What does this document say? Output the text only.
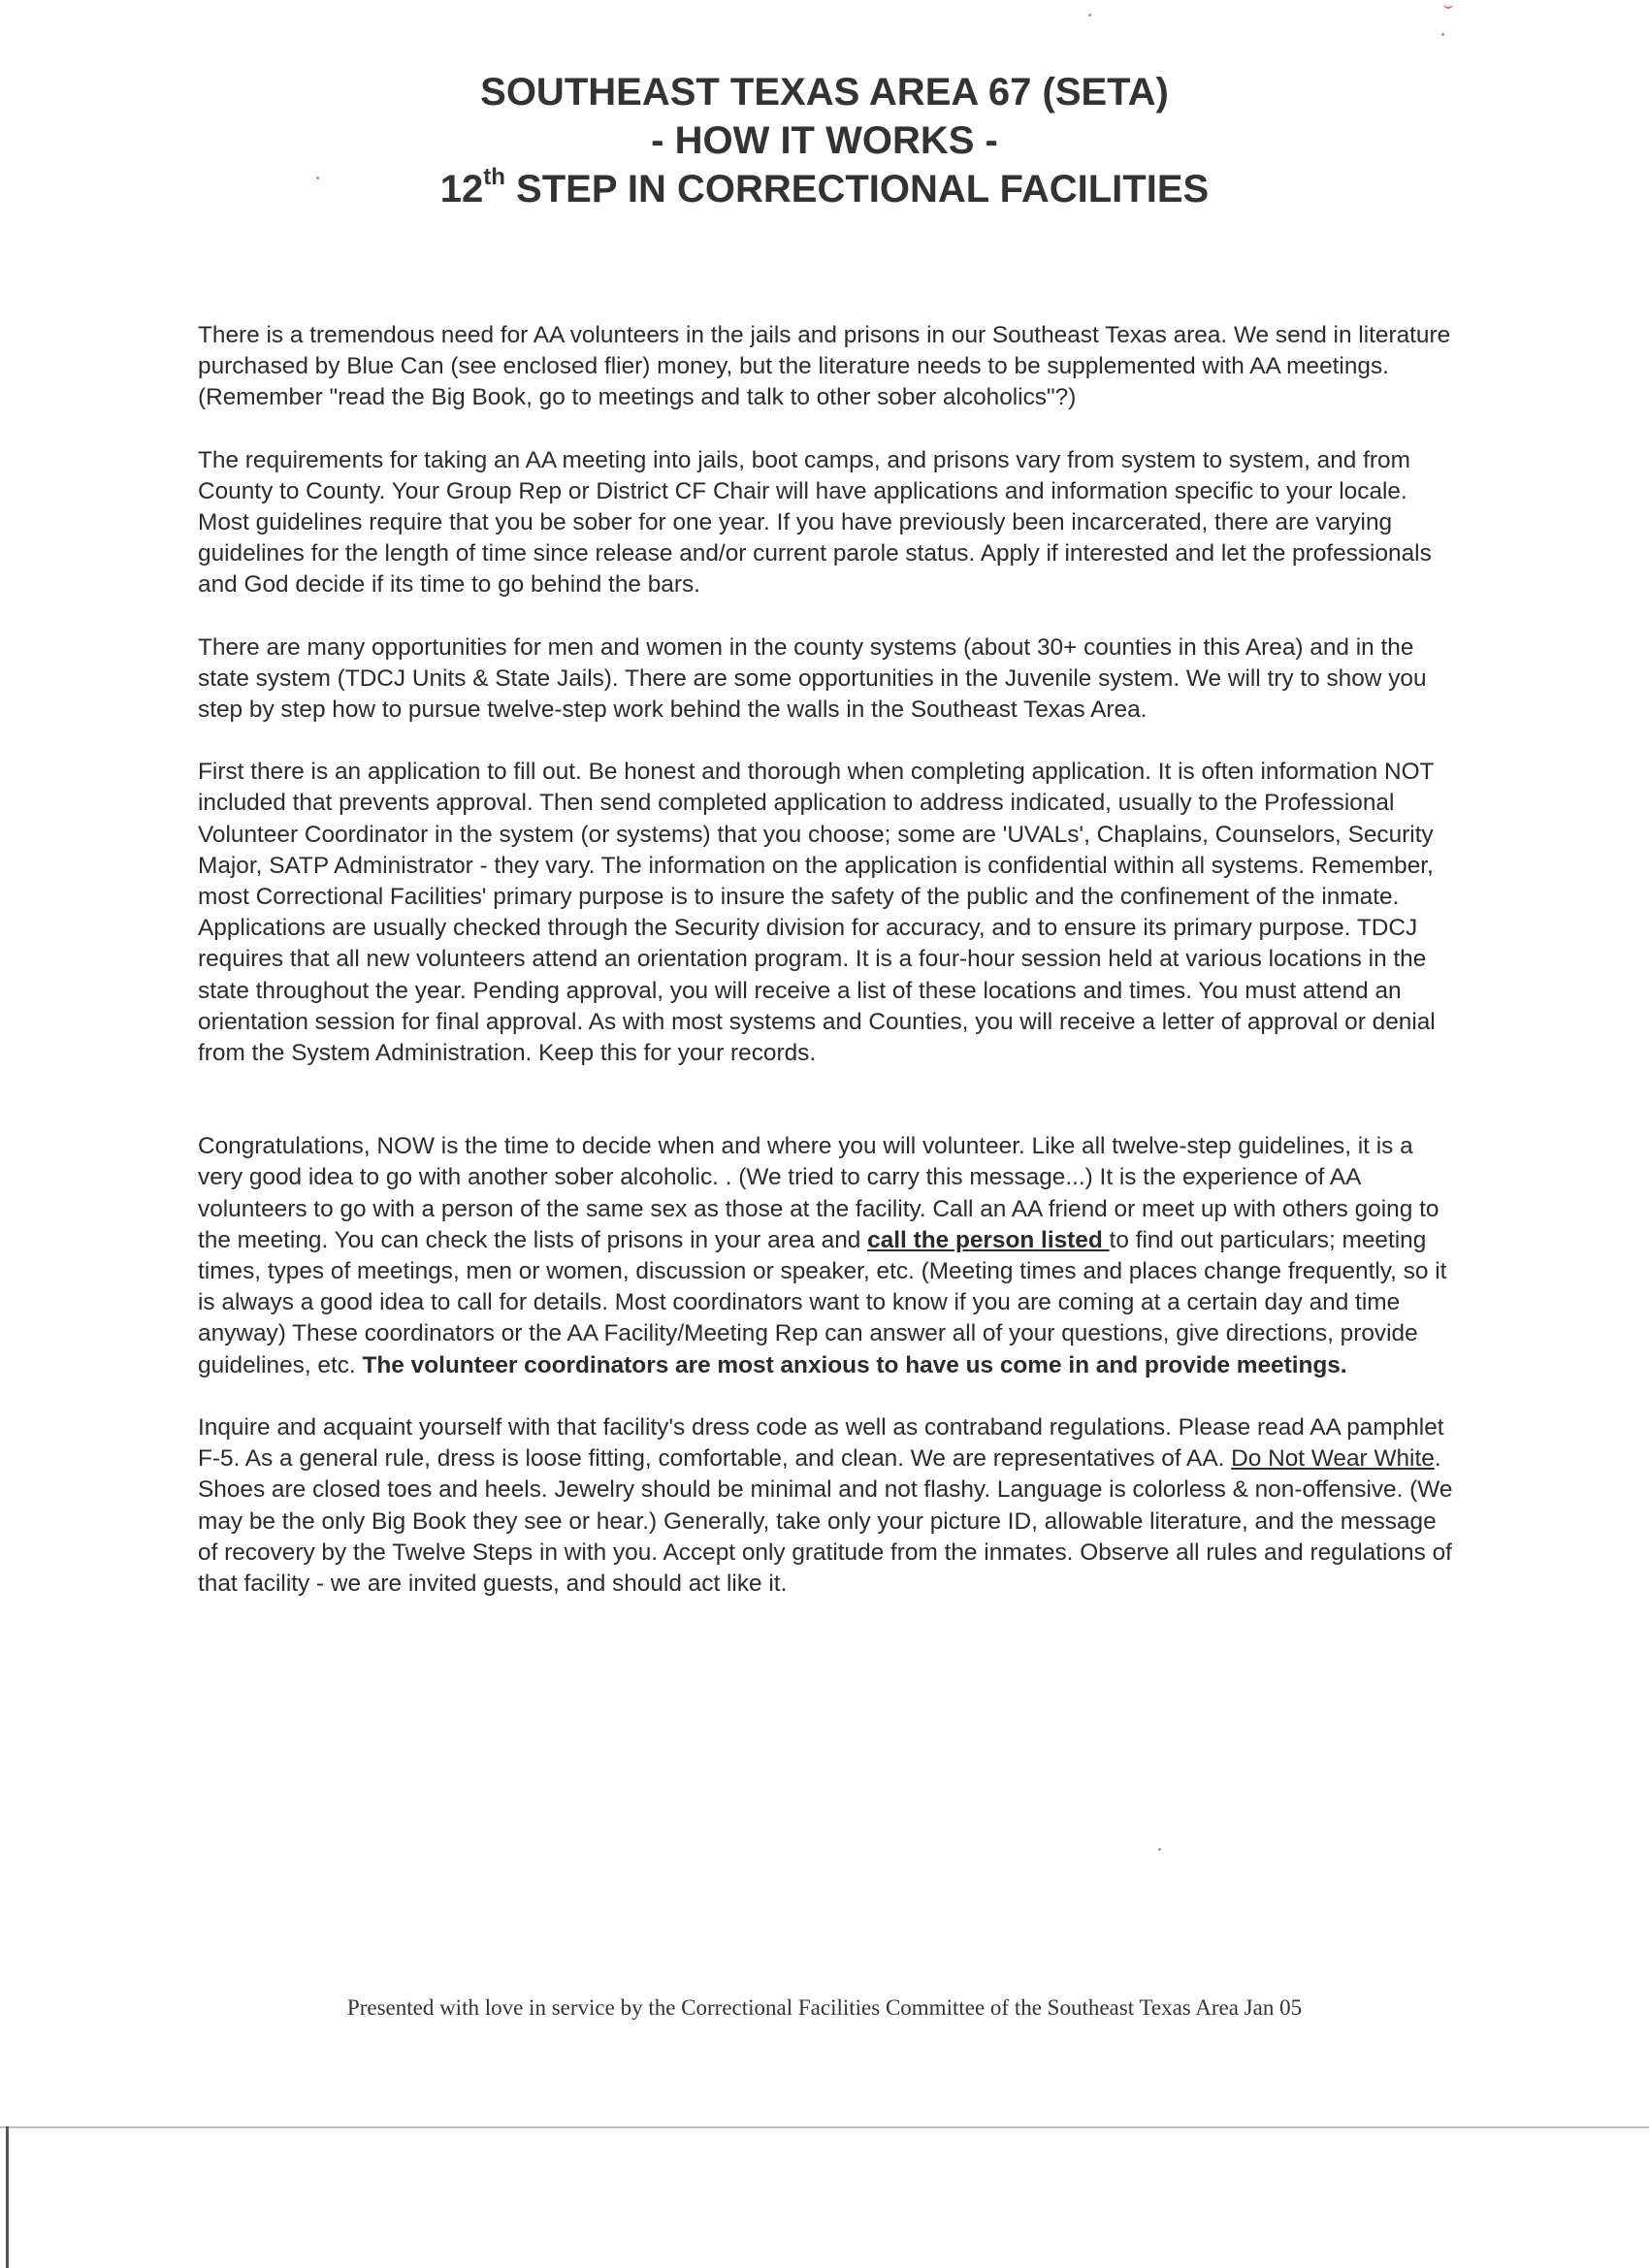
SOUTHEAST TEXAS AREA 67 (SETA)
- HOW IT WORKS -
12th STEP IN CORRECTIONAL FACILITIES

There is a tremendous need for AA volunteers in the jails and prisons in our Southeast Texas area. We send in literature purchased by Blue Can (see enclosed flier) money, but the literature needs to be supplemented with AA meetings. (Remember "read the Big Book, go to meetings and talk to other sober alcoholics"?)

The requirements for taking an AA meeting into jails, boot camps, and prisons vary from system to system, and from County to County. Your Group Rep or District CF Chair will have applications and information specific to your locale. Most guidelines require that you be sober for one year. If you have previously been incarcerated, there are varying guidelines for the length of time since release and/or current parole status. Apply if interested and let the professionals and God decide if its time to go behind the bars.

There are many opportunities for men and women in the county systems (about 30+ counties in this Area) and in the state system (TDCJ Units & State Jails). There are some opportunities in the Juvenile system. We will try to show you step by step how to pursue twelve-step work behind the walls in the Southeast Texas Area.

First there is an application to fill out. Be honest and thorough when completing application. It is often information NOT included that prevents approval. Then send completed application to address indicated, usually to the Professional Volunteer Coordinator in the system (or systems) that you choose; some are 'UVALs', Chaplains, Counselors, Security Major, SATP Administrator - they vary. The information on the application is confidential within all systems. Remember, most Correctional Facilities' primary purpose is to insure the safety of the public and the confinement of the inmate. Applications are usually checked through the Security division for accuracy, and to ensure its primary purpose. TDCJ requires that all new volunteers attend an orientation program. It is a four-hour session held at various locations in the state throughout the year. Pending approval, you will receive a list of these locations and times. You must attend an orientation session for final approval. As with most systems and Counties, you will receive a letter of approval or denial from the System Administration. Keep this for your records.

Congratulations, NOW is the time to decide when and where you will volunteer. Like all twelve-step guidelines, it is a very good idea to go with another sober alcoholic. . (We tried to carry this message...) It is the experience of AA volunteers to go with a person of the same sex as those at the facility. Call an AA friend or meet up with others going to the meeting. You can check the lists of prisons in your area and call the person listed to find out particulars; meeting times, types of meetings, men or women, discussion or speaker, etc. (Meeting times and places change frequently, so it is always a good idea to call for details. Most coordinators want to know if you are coming at a certain day and time anyway) These coordinators or the AA Facility/Meeting Rep can answer all of your questions, give directions, provide guidelines, etc. The volunteer coordinators are most anxious to have us come in and provide meetings.

Inquire and acquaint yourself with that facility's dress code as well as contraband regulations. Please read AA pamphlet F-5. As a general rule, dress is loose fitting, comfortable, and clean. We are representatives of AA. Do Not Wear White. Shoes are closed toes and heels. Jewelry should be minimal and not flashy. Language is colorless & non-offensive. (We may be the only Big Book they see or hear.) Generally, take only your picture ID, allowable literature, and the message of recovery by the Twelve Steps in with you. Accept only gratitude from the inmates. Observe all rules and regulations of that facility - we are invited guests, and should act like it.

Presented with love in service by the Correctional Facilities Committee of the Southeast Texas Area Jan 05
